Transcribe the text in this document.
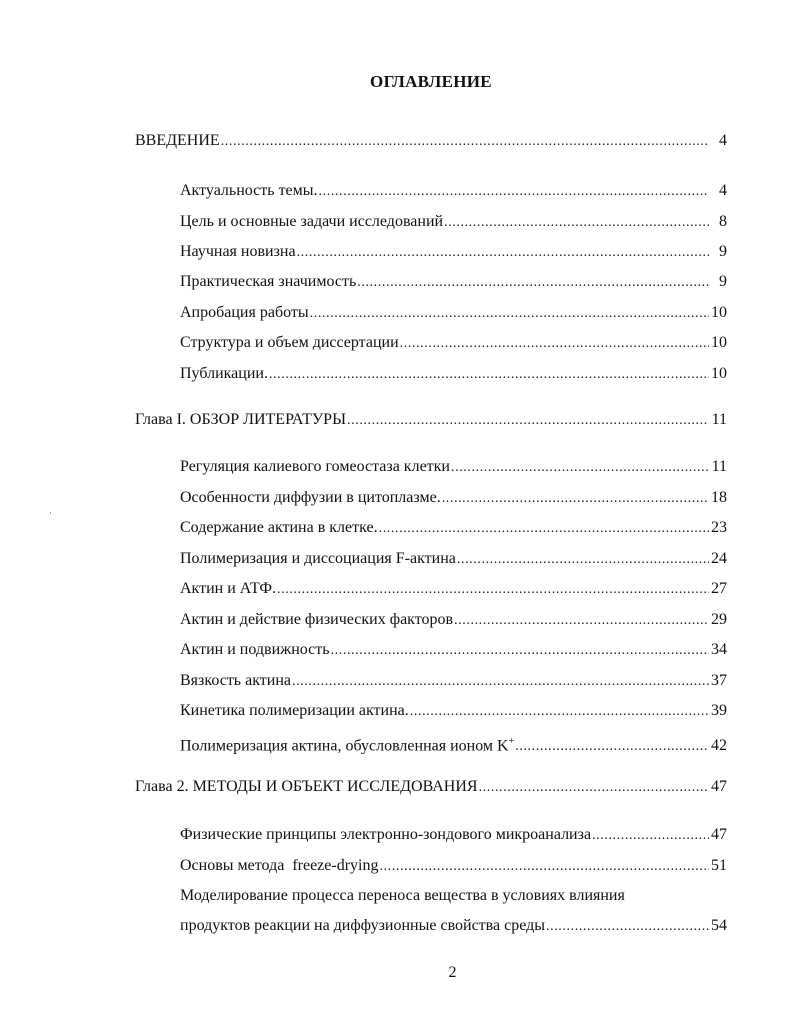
ОГЛАВЛЕНИЕ
ВВЕДЕНИЕ .....	4
Актуальность темы. .....	4
Цель и основные задачи исследований .....	8
Научная новизна .....	9
Практическая значимость .....	9
Апробация работы .....	10
Структура и объем диссертации .....	10
Публикации. .....	10
Глава I. ОБЗОР ЛИТЕРАТУРЫ .....	11
Регуляция калиевого гомеостаза клетки .....	11
Особенности диффузии в цитоплазме. .....	18
Содержание актина в клетке. .....	23
Полимеризация и диссоциация F-актина .....	24
Актин и АТФ. .....	27
Актин и действие физических факторов .....	29
Актин и подвижность .....	34
Вязкость актина .....	37
Кинетика полимеризации актина. .....	39
Полимеризация актина, обусловленная ионом K+ .....	42
Глава 2. МЕТОДЫ И ОБЪЕКТ ИССЛЕДОВАНИЯ .....	47
Физические принципы электронно-зондового микроанализа .....	47
Основы метода  freeze-drying .....	51
Моделирование процесса переноса вещества в условиях влияния
продуктов реакции на диффузионные свойства среды .....	54
2
